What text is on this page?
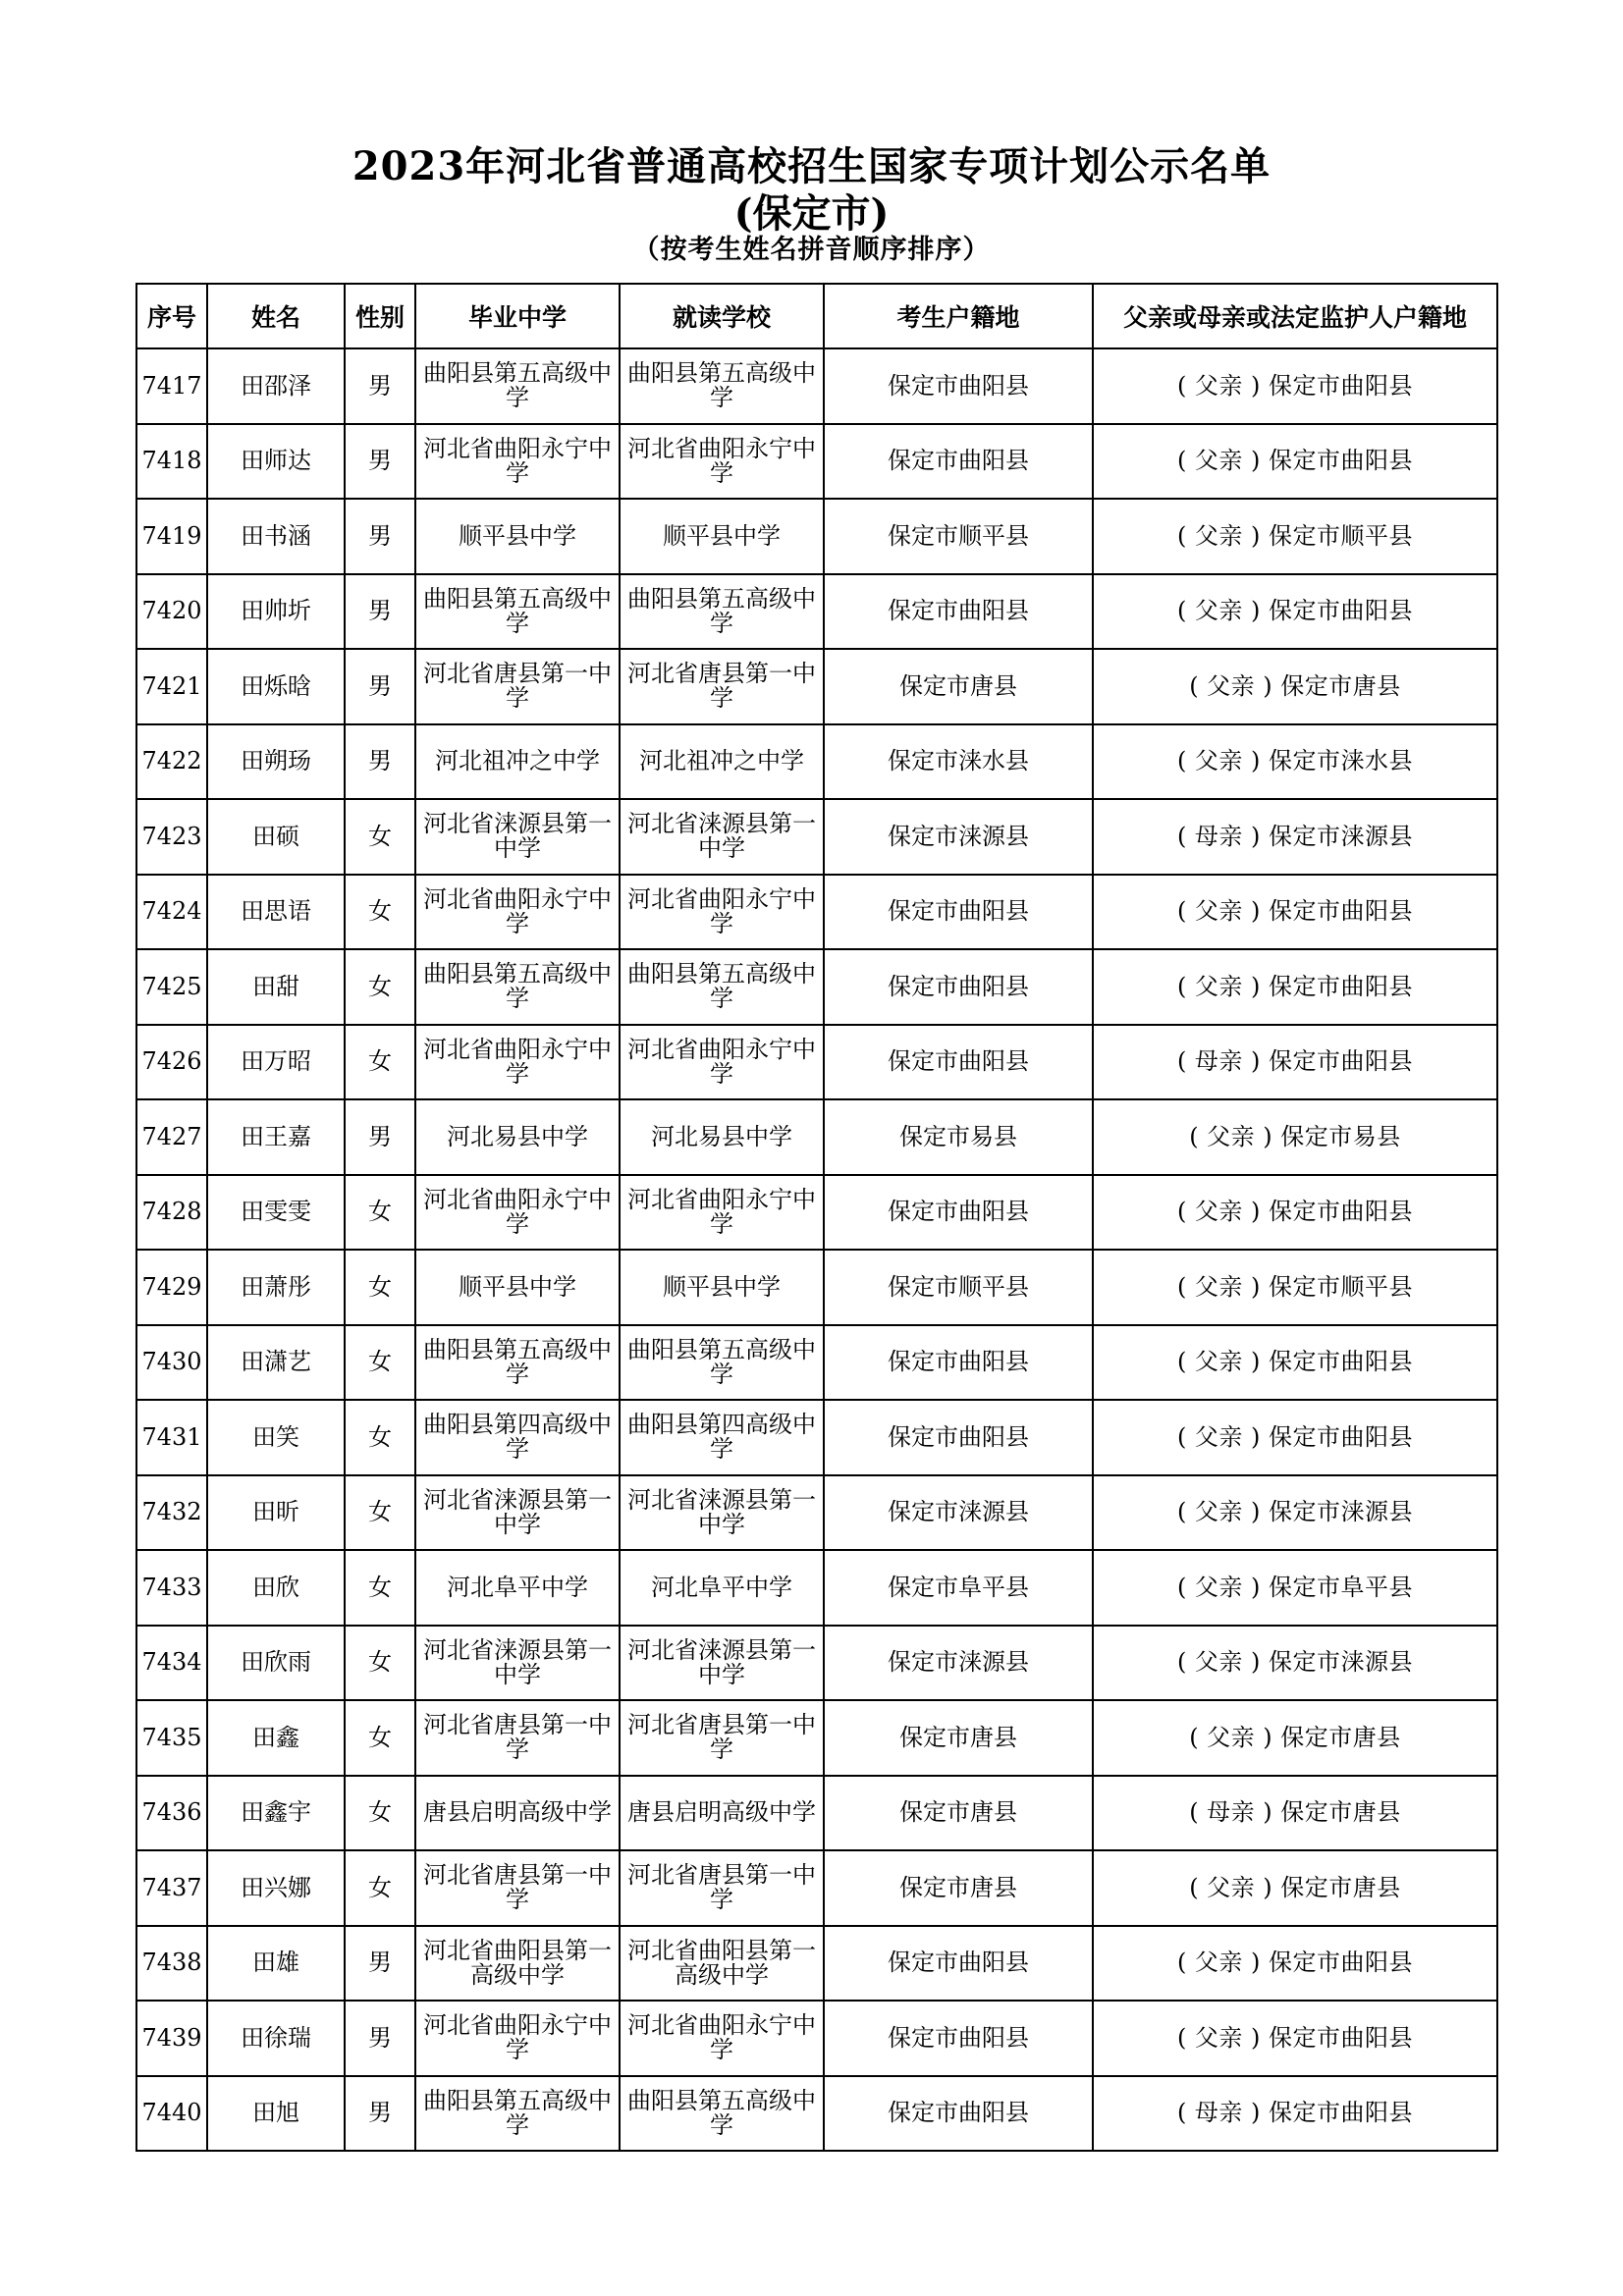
2023年河北省普通高校招生国家专项计划公示名单
(保定市)
（按考生姓名拼音顺序排序）
序号	姓名	性别	毕业中学	就读学校	考生户籍地	父亲或母亲或法定监护人户籍地
7417	田邵泽	男	曲阳县第五高级中学	曲阳县第五高级中学	保定市曲阳县	( 父亲 ) 保定市曲阳县
7418	田师达	男	河北省曲阳永宁中学	河北省曲阳永宁中学	保定市曲阳县	( 父亲 ) 保定市曲阳县
7419	田书涵	男	顺平县中学	顺平县中学	保定市顺平县	( 父亲 ) 保定市顺平县
7420	田帅圻	男	曲阳县第五高级中学	曲阳县第五高级中学	保定市曲阳县	( 父亲 ) 保定市曲阳县
7421	田烁晗	男	河北省唐县第一中学	河北省唐县第一中学	保定市唐县	( 父亲 ) 保定市唐县
7422	田朔玚	男	河北祖冲之中学	河北祖冲之中学	保定市涞水县	( 父亲 ) 保定市涞水县
7423	田硕	女	河北省涞源县第一中学	河北省涞源县第一中学	保定市涞源县	( 母亲 ) 保定市涞源县
7424	田思语	女	河北省曲阳永宁中学	河北省曲阳永宁中学	保定市曲阳县	( 父亲 ) 保定市曲阳县
7425	田甜	女	曲阳县第五高级中学	曲阳县第五高级中学	保定市曲阳县	( 父亲 ) 保定市曲阳县
7426	田万昭	女	河北省曲阳永宁中学	河北省曲阳永宁中学	保定市曲阳县	( 母亲 ) 保定市曲阳县
7427	田王嘉	男	河北易县中学	河北易县中学	保定市易县	( 父亲 ) 保定市易县
7428	田雯雯	女	河北省曲阳永宁中学	河北省曲阳永宁中学	保定市曲阳县	( 父亲 ) 保定市曲阳县
7429	田萧彤	女	顺平县中学	顺平县中学	保定市顺平县	( 父亲 ) 保定市顺平县
7430	田潇艺	女	曲阳县第五高级中学	曲阳县第五高级中学	保定市曲阳县	( 父亲 ) 保定市曲阳县
7431	田笑	女	曲阳县第四高级中学	曲阳县第四高级中学	保定市曲阳县	( 父亲 ) 保定市曲阳县
7432	田昕	女	河北省涞源县第一中学	河北省涞源县第一中学	保定市涞源县	( 父亲 ) 保定市涞源县
7433	田欣	女	河北阜平中学	河北阜平中学	保定市阜平县	( 父亲 ) 保定市阜平县
7434	田欣雨	女	河北省涞源县第一中学	河北省涞源县第一中学	保定市涞源县	( 父亲 ) 保定市涞源县
7435	田鑫	女	河北省唐县第一中学	河北省唐县第一中学	保定市唐县	( 父亲 ) 保定市唐县
7436	田鑫宇	女	唐县启明高级中学	唐县启明高级中学	保定市唐县	( 母亲 ) 保定市唐县
7437	田兴娜	女	河北省唐县第一中学	河北省唐县第一中学	保定市唐县	( 父亲 ) 保定市唐县
7438	田雄	男	河北省曲阳县第一高级中学	河北省曲阳县第一高级中学	保定市曲阳县	( 父亲 ) 保定市曲阳县
7439	田徐瑞	男	河北省曲阳永宁中学	河北省曲阳永宁中学	保定市曲阳县	( 父亲 ) 保定市曲阳县
7440	田旭	男	曲阳县第五高级中学	曲阳县第五高级中学	保定市曲阳县	( 母亲 ) 保定市曲阳县
